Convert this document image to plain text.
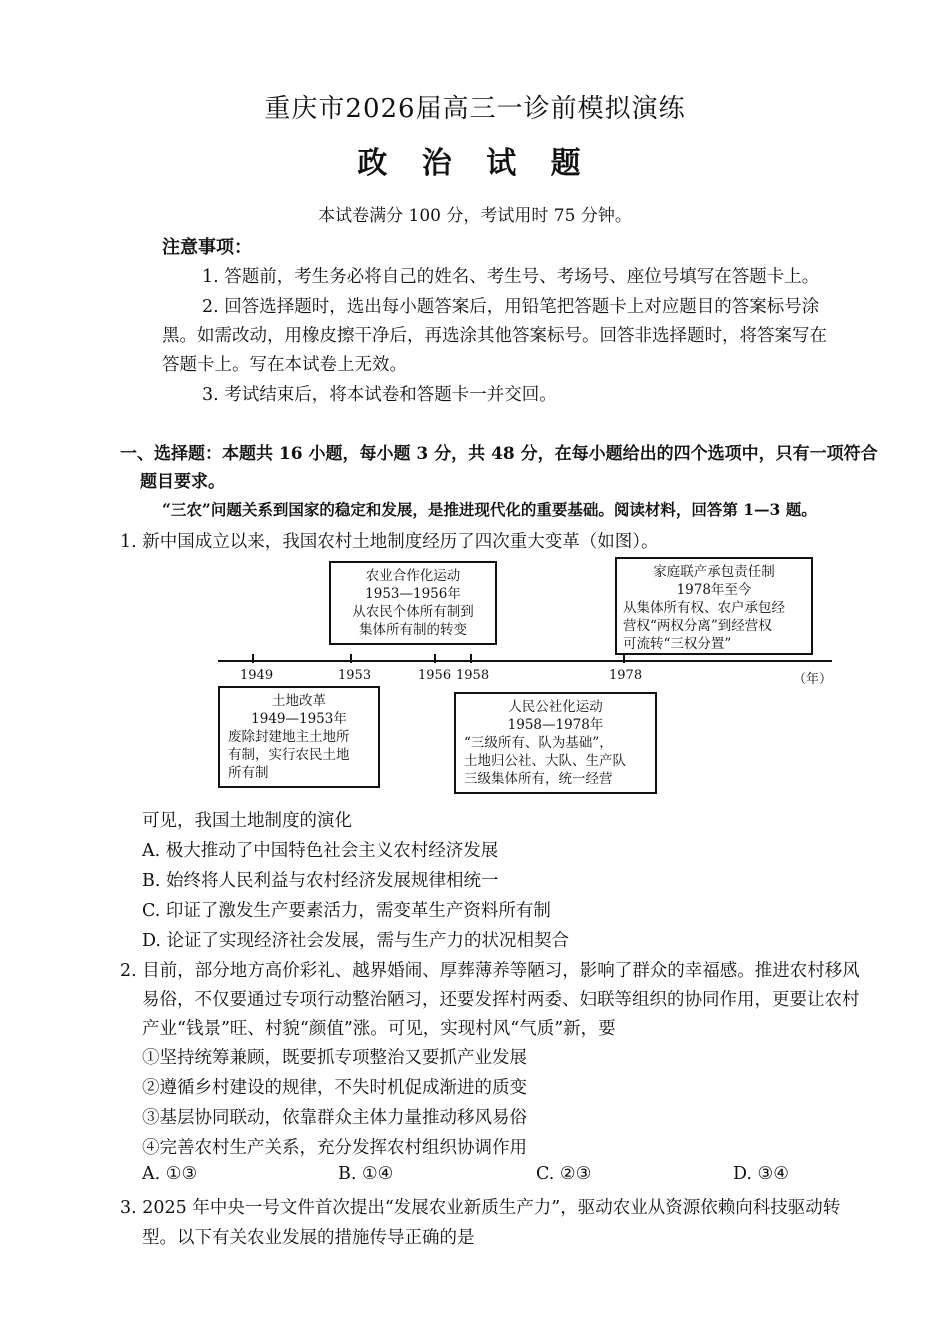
重庆市2026届高三一诊前模拟演练
政 治 试 题
本试卷满分 100 分，考试用时 75 分钟。
注意事项：
1. 答题前，考生务必将自己的姓名、考生号、考场号、座位号填写在答题卡上。
2. 回答选择题时，选出每小题答案后，用铅笔把答题卡上对应题目的答案标号涂
黑。如需改动，用橡皮擦干净后，再选涂其他答案标号。回答非选择题时，将答案写在
答题卡上。写在本试卷上无效。
3. 考试结束后，将本试卷和答题卡一并交回。
一、选择题：本题共 16 小题，每小题 3 分，共 48 分，在每小题给出的四个选项中，只有一项符合
题目要求。
“三农”问题关系到国家的稳定和发展，是推进现代化的重要基础。阅读材料，回答第 1—3 题。
1. 新中国成立以来，我国农村土地制度经历了四次重大变革（如图）。
农业合作化运动
1953—1956年
从农民个体所有制到
集体所有制的转变
家庭联产承包责任制
1978年至今
从集体所有权、农户承包经
营权“两权分离”到经营权
可流转“三权分置”
1949	1953	1956 1958	1978	（年）
土地改革
1949—1953年
废除封建地主土地所
有制，实行农民土地
所有制
人民公社化运动
1958—1978年
“三级所有、队为基础”，
土地归公社、大队、生产队
三级集体所有，统一经营
可见，我国土地制度的演化
A. 极大推动了中国特色社会主义农村经济发展
B. 始终将人民利益与农村经济发展规律相统一
C. 印证了激发生产要素活力，需变革生产资料所有制
D. 论证了实现经济社会发展，需与生产力的状况相契合
2. 目前，部分地方高价彩礼、越界婚闹、厚葬薄养等陋习，影响了群众的幸福感。推进农村移风
易俗，不仅要通过专项行动整治陋习，还要发挥村两委、妇联等组织的协同作用，更要让农村
产业“钱景”旺、村貌“颜值”涨。可见，实现村风“气质”新，要
①坚持统筹兼顾，既要抓专项整治又要抓产业发展
②遵循乡村建设的规律，不失时机促成渐进的质变
③基层协同联动，依靠群众主体力量推动移风易俗
④完善农村生产关系，充分发挥农村组织协调作用
A. ①③	B. ①④	C. ②③	D. ③④
3. 2025 年中央一号文件首次提出“发展农业新质生产力”，驱动农业从资源依赖向科技驱动转
型。以下有关农业发展的措施传导正确的是
